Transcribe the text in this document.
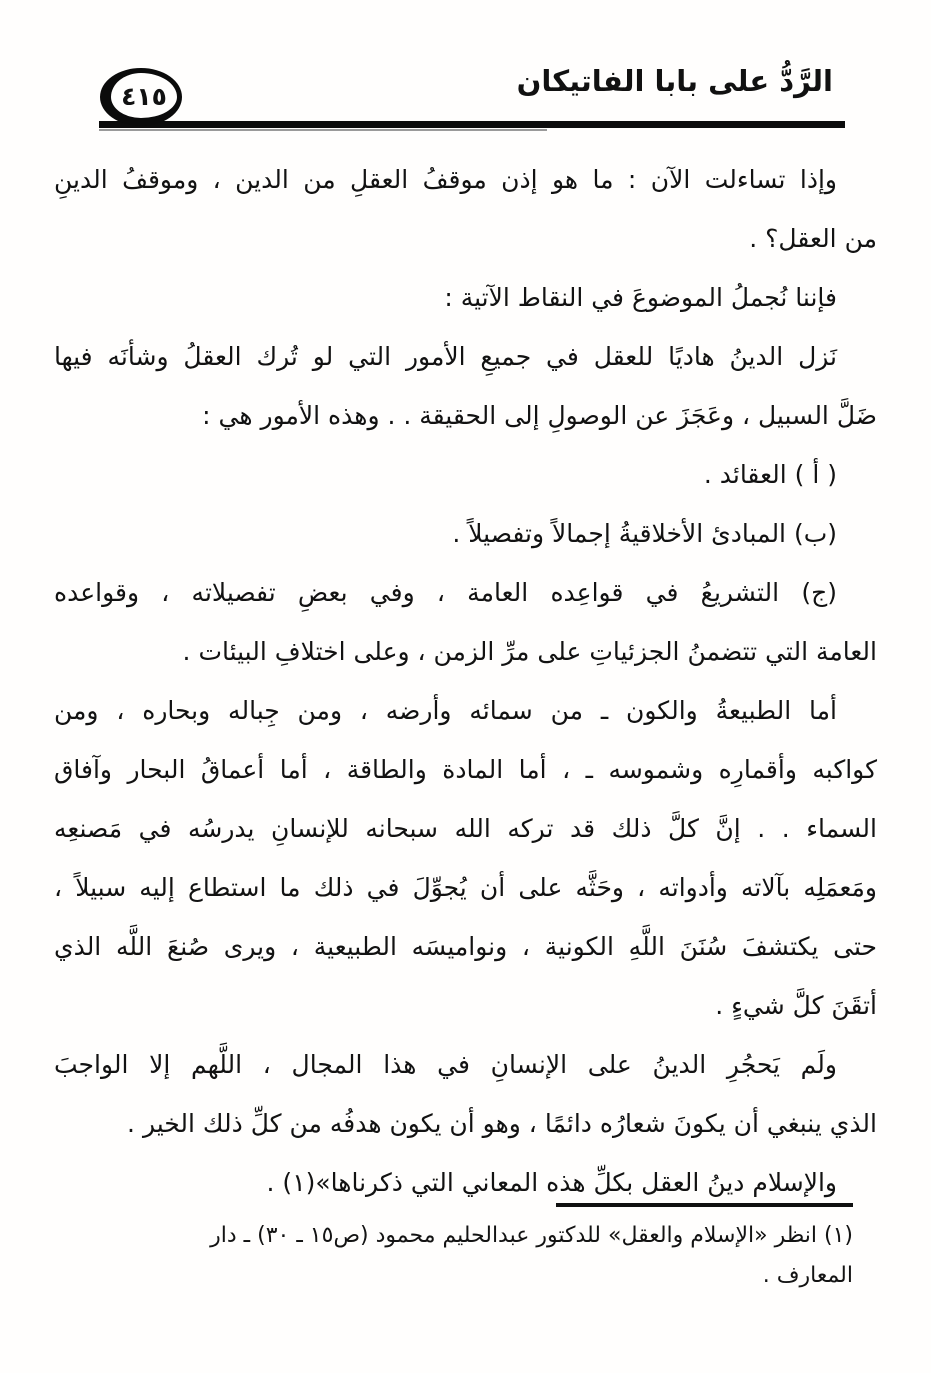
٤١٥	الرَّدُّ على بابا الفاتيكان
وإذا تساءلت الآن : ما هو إذن موقفُ العقلِ من الدين ، وموقفُ الدينِ
من العقل؟ .
فإننا نُجملُ الموضوعَ في النقاط الآتية :
نَزل الدينُ هاديًا للعقل في جميعِ الأمور التي لو تُرك العقلُ وشأنَه فيها
ضَلَّ السبيل ، وعَجَزَ عن الوصولِ إلى الحقيقة . . وهذه الأمور هي :
( أ ) العقائد .
(ب) المبادئ الأخلاقيةُ إجمالاً وتفصيلاً .
(ج) التشريعُ في قواعِده العامة ، وفي بعضِ تفصيلاته ، وقواعده
العامة التي تتضمنُ الجزئياتِ على مرِّ الزمن ، وعلى اختلافِ البيئات .
أما الطبيعةُ والكون ـ من سمائه وأرضه ، ومن جِباله وبحاره ، ومن
كواكبه وأقمارِه وشموسه ـ ، أما المادة والطاقة ، أما أعماقُ البحار وآفاق
السماء . . إنَّ كلَّ ذلك قد تركه الله سبحانه للإنسانِ يدرسُه في مَصنعِه
ومَعمَلِه بآلاته وأدواته ، وحَثَّه على أن يُجوِّلَ في ذلك ما استطاع إليه سبيلاً ،
حتى يكتشفَ سُنَنَ اللَّهِ الكونية ، ونواميسَه الطبيعية ، ويرى صُنعَ اللَّه الذي
أتقَنَ كلَّ شيءٍ .
ولَم يَحجُرِ الدينُ على الإنسانِ في هذا المجال ، اللَّهم إلا الواجبَ
الذي ينبغي أن يكونَ شعارُه دائمًا ، وهو أن يكون هدفُه من كلِّ ذلك الخير .
والإسلام دينُ العقل بكلِّ هذه المعاني التي ذكرناها»(١) .
(١) انظر «الإسلام والعقل» للدكتور عبدالحليم محمود (ص١٥ ـ ٣٠) ـ دار المعارف .
